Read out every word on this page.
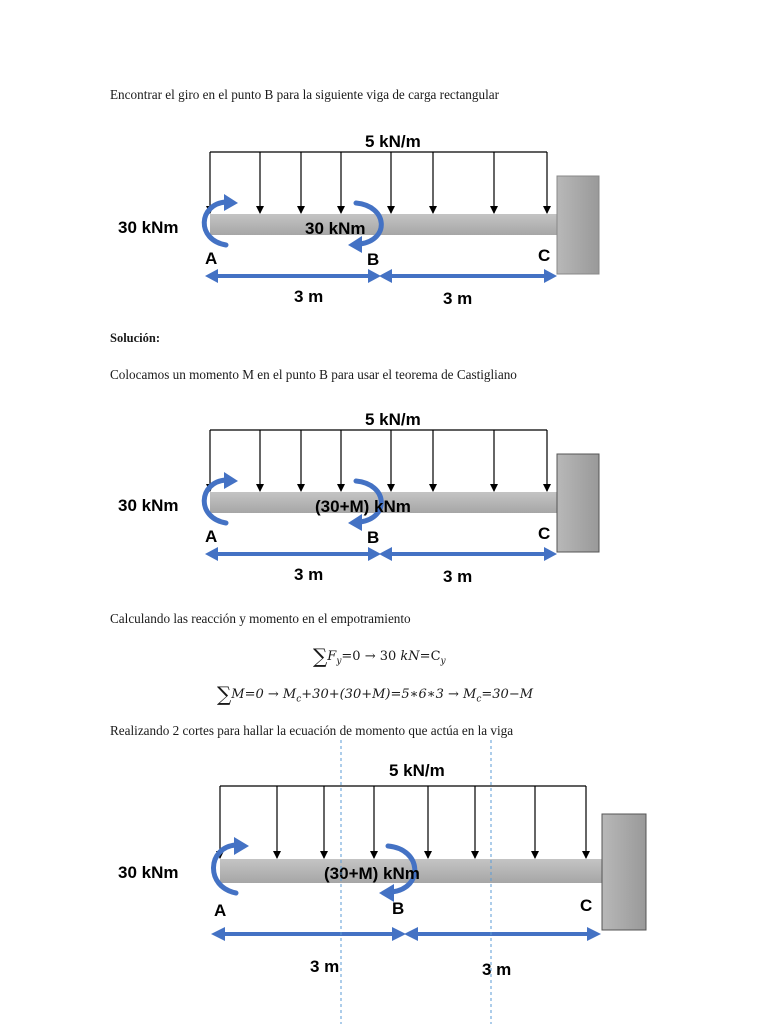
Encontrar el giro en el punto B para la siguiente viga de carga rectangular
5 kN/m
30 kNm	30 kNm
A	B	C
3 m	3 m
Solución:
Colocamos un momento M en el punto B para usar el teorema de Castigliano
5 kN/m
30 kNm	(30+M) kNm
A	B	C
3 m	3 m
Calculando las reacción y momento en el empotramiento
$\sum F_y=0 \to 30$ $kN=C_y$
$\sum M=0 \to M_c+30+(30+M)=5∗6∗3 \to M_c=30-M$
Realizando 2 cortes para hallar la ecuación de momento que actúa en la viga
5 kN/m
30 kNm	(30+M) kNm
A	B	C
3 m	3 m
